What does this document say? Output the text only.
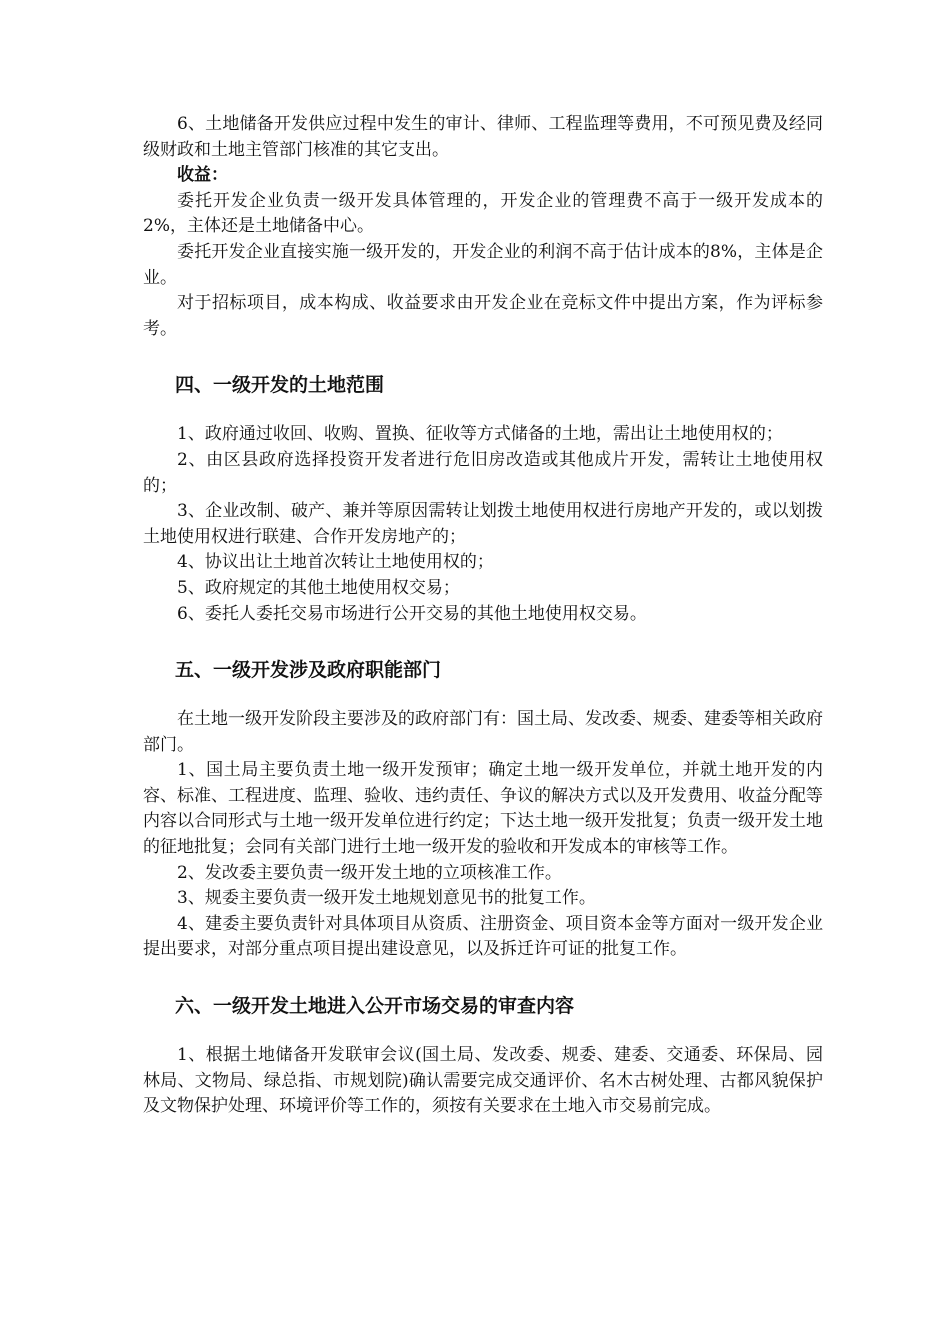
6、土地储备开发供应过程中发生的审计、律师、工程监理等费用，不可预见费及经同级财政和土地主管部门核准的其它支出。

收益：

委托开发企业负责一级开发具体管理的，开发企业的管理费不高于一级开发成本的2%，主体还是土地储备中心。

委托开发企业直接实施一级开发的，开发企业的利润不高于估计成本的8%，主体是企业。

对于招标项目，成本构成、收益要求由开发企业在竞标文件中提出方案，作为评标参考。

四、一级开发的土地范围

1、政府通过收回、收购、置换、征收等方式储备的土地，需出让土地使用权的；

2、由区县政府选择投资开发者进行危旧房改造或其他成片开发，需转让土地使用权的；

3、企业改制、破产、兼并等原因需转让划拨土地使用权进行房地产开发的，或以划拨土地使用权进行联建、合作开发房地产的；

4、协议出让土地首次转让土地使用权的；

5、政府规定的其他土地使用权交易；

6、委托人委托交易市场进行公开交易的其他土地使用权交易。

五、一级开发涉及政府职能部门

在土地一级开发阶段主要涉及的政府部门有：国土局、发改委、规委、建委等相关政府部门。

1、国土局主要负责土地一级开发预审；确定土地一级开发单位，并就土地开发的内容、标准、工程进度、监理、验收、违约责任、争议的解决方式以及开发费用、收益分配等内容以合同形式与土地一级开发单位进行约定；下达土地一级开发批复；负责一级开发土地的征地批复；会同有关部门进行土地一级开发的验收和开发成本的审核等工作。

2、发改委主要负责一级开发土地的立项核准工作。

3、规委主要负责一级开发土地规划意见书的批复工作。

4、建委主要负责针对具体项目从资质、注册资金、项目资本金等方面对一级开发企业提出要求，对部分重点项目提出建设意见，以及拆迁许可证的批复工作。

六、一级开发土地进入公开市场交易的审查内容

1、根据土地储备开发联审会议(国土局、发改委、规委、建委、交通委、环保局、园林局、文物局、绿总指、市规划院)确认需要完成交通评价、名木古树处理、古都风貌保护及文物保护处理、环境评价等工作的，须按有关要求在土地入市交易前完成。
